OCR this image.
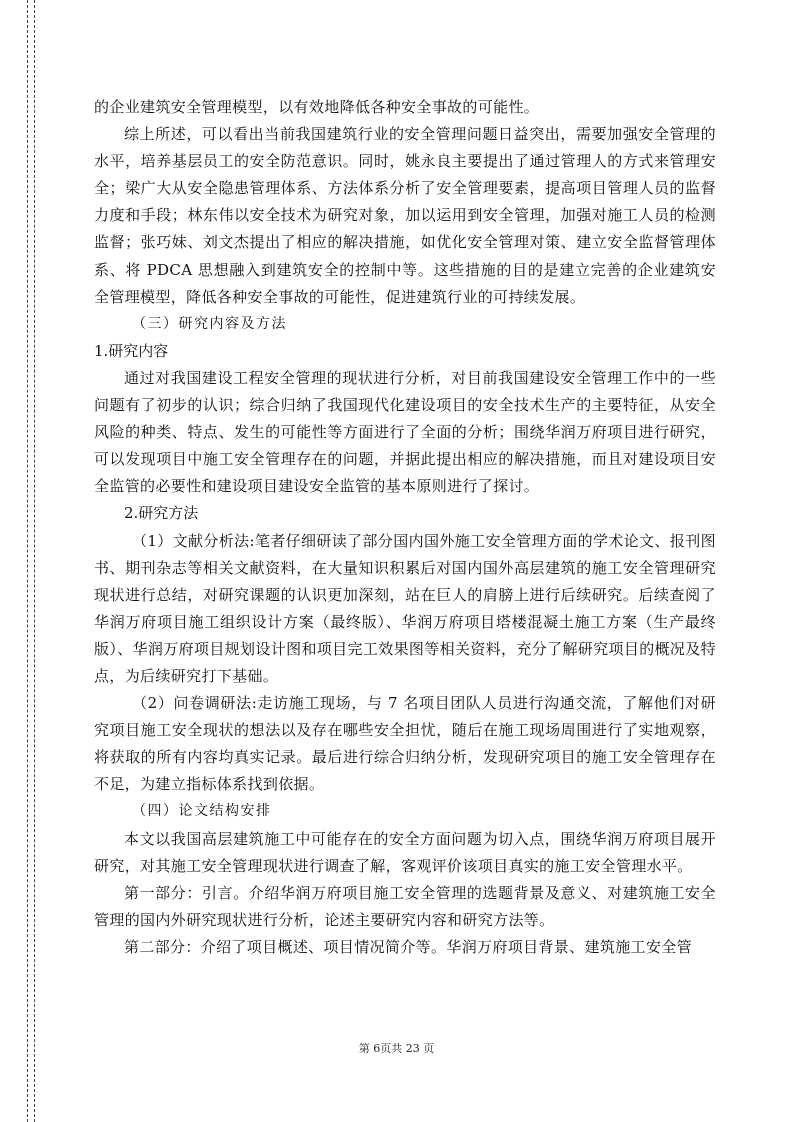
的企业建筑安全管理模型，以有效地降低各种安全事故的可能性。

综上所述，可以看出当前我国建筑行业的安全管理问题日益突出，需要加强安全管理的水平，培养基层员工的安全防范意识。同时，姚永良主要提出了通过管理人的方式来管理安全；梁广大从安全隐患管理体系、方法体系分析了安全管理要素，提高项目管理人员的监督力度和手段；林东伟以安全技术为研究对象，加以运用到安全管理，加强对施工人员的检测监督；张巧妹、刘文杰提出了相应的解决措施，如优化安全管理对策、建立安全监督管理体系、将 PDCA 思想融入到建筑安全的控制中等。这些措施的目的是建立完善的企业建筑安全管理模型，降低各种安全事故的可能性，促进建筑行业的可持续发展。

（三）研究内容及方法

1.研究内容

通过对我国建设工程安全管理的现状进行分析，对目前我国建设安全管理工作中的一些问题有了初步的认识；综合归纳了我国现代化建设项目的安全技术生产的主要特征，从安全风险的种类、特点、发生的可能性等方面进行了全面的分析；围绕华润万府项目进行研究，可以发现项目中施工安全管理存在的问题，并据此提出相应的解决措施，而且对建设项目安全监管的必要性和建设项目建设安全监管的基本原则进行了探讨。

2.研究方法

（1）文献分析法:笔者仔细研读了部分国内国外施工安全管理方面的学术论文、报刊图书、期刊杂志等相关文献资料，在大量知识积累后对国内国外高层建筑的施工安全管理研究现状进行总结，对研究课题的认识更加深刻，站在巨人的肩膀上进行后续研究。后续查阅了华润万府项目施工组织设计方案（最终版）、华润万府项目塔楼混凝土施工方案（生产最终版）、华润万府项目规划设计图和项目完工效果图等相关资料，充分了解研究项目的概况及特点，为后续研究打下基础。

（2）问卷调研法:走访施工现场，与 7 名项目团队人员进行沟通交流，了解他们对研究项目施工安全现状的想法以及存在哪些安全担忧，随后在施工现场周围进行了实地观察，将获取的所有内容均真实记录。最后进行综合归纳分析，发现研究项目的施工安全管理存在不足，为建立指标体系找到依据。

（四）论文结构安排

本文以我国高层建筑施工中可能存在的安全方面问题为切入点，围绕华润万府项目展开研究，对其施工安全管理现状进行调查了解，客观评价该项目真实的施工安全管理水平。

第一部分：引言。介绍华润万府项目施工安全管理的选题背景及意义、对建筑施工安全管理的国内外研究现状进行分析，论述主要研究内容和研究方法等。

第二部分：介绍了项目概述、项目情况简介等。华润万府项目背景、建筑施工安全管

第 6页共 23 页
